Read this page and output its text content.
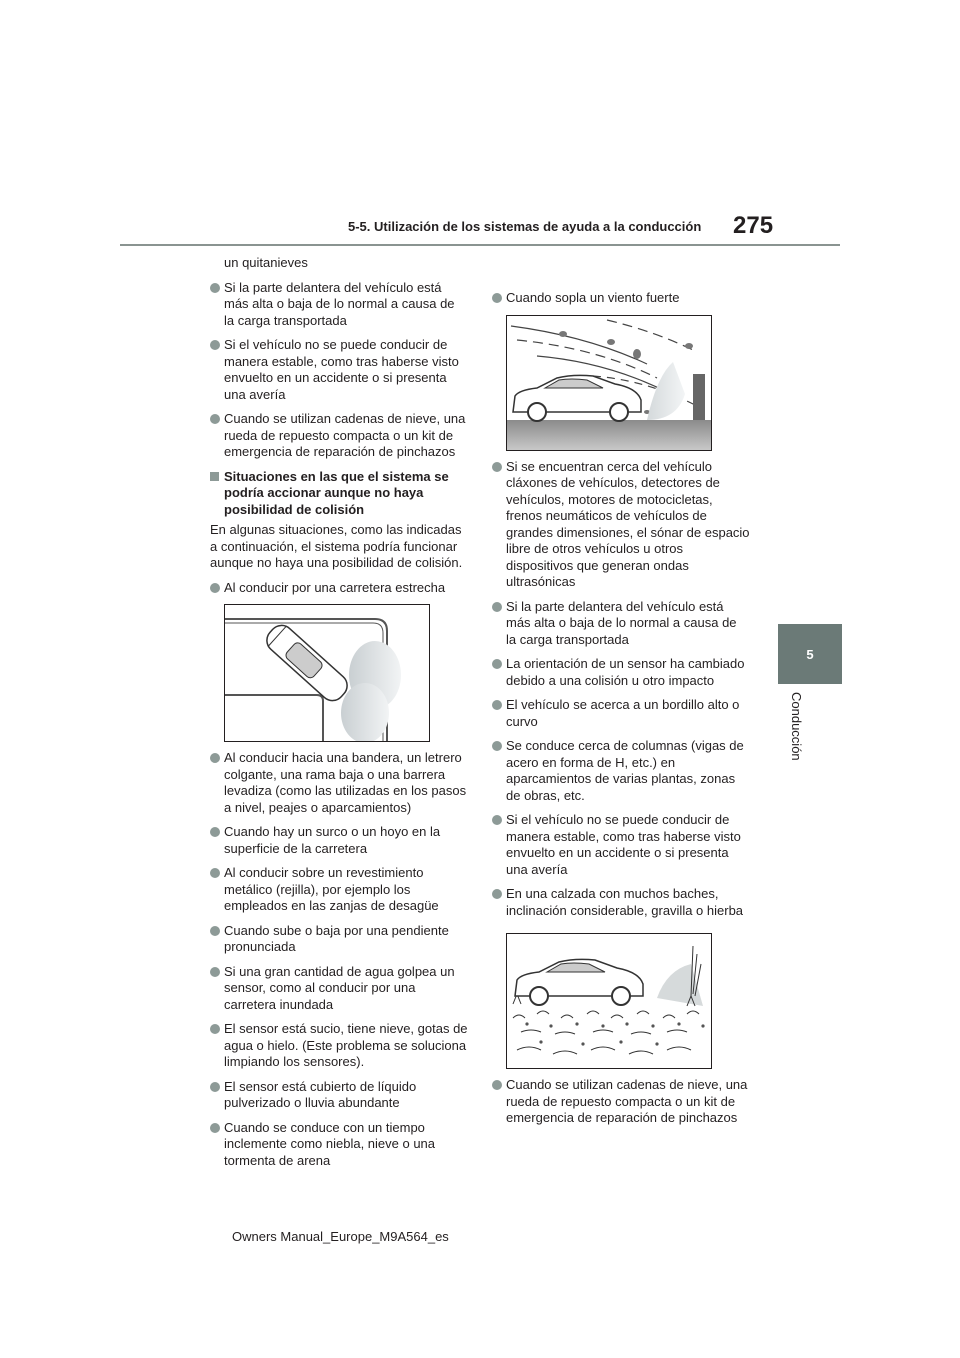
5-5. Utilización de los sistemas de ayuda a la conducción 275
5
Conducción
un quitanieves
Si la parte delantera del vehículo está más alta o baja de lo normal a causa de la carga transportada
Si el vehículo no se puede conducir de manera estable, como tras haberse visto envuelto en un accidente o si presenta una avería
Cuando se utilizan cadenas de nieve, una rueda de repuesto compacta o un kit de emergencia de reparación de pinchazos
Situaciones en las que el sistema se podría accionar aunque no haya posibilidad de colisión
En algunas situaciones, como las indicadas a continuación, el sistema podría funcionar aunque no haya una posibilidad de colisión.
Al conducir por una carretera estrecha
Al conducir hacia una bandera, un letrero colgante, una rama baja o una barrera levadiza (como las utilizadas en los pasos a nivel, peajes o aparcamientos)
Cuando hay un surco o un hoyo en la superficie de la carretera
Al conducir sobre un revestimiento metálico (rejilla), por ejemplo los empleados en las zanjas de desagüe
Cuando sube o baja por una pendiente pronunciada
Si una gran cantidad de agua golpea un sensor, como al conducir por una carretera inundada
El sensor está sucio, tiene nieve, gotas de agua o hielo. (Este problema se soluciona limpiando los sensores).
El sensor está cubierto de líquido pulverizado o lluvia abundante
Cuando se conduce con un tiempo inclemente como niebla, nieve o una tormenta de arena
Cuando sopla un viento fuerte
Si se encuentran cerca del vehículo cláxones de vehículos, detectores de vehículos, motores de motocicletas, frenos neumáticos de vehículos de grandes dimensiones, el sónar de espacio libre de otros vehículos u otros dispositivos que generan ondas ultrasónicas
Si la parte delantera del vehículo está más alta o baja de lo normal a causa de la carga transportada
La orientación de un sensor ha cambiado debido a una colisión u otro impacto
El vehículo se acerca a un bordillo alto o curvo
Se conduce cerca de columnas (vigas de acero en forma de H, etc.) en aparcamientos de varias plantas, zonas de obras, etc.
Si el vehículo no se puede conducir de manera estable, como tras haberse visto envuelto en un accidente o si presenta una avería
En una calzada con muchos baches, inclinación considerable, gravilla o hierba
Cuando se utilizan cadenas de nieve, una rueda de repuesto compacta o un kit de emergencia de reparación de pinchazos
Owners Manual_Europe_M9A564_es
